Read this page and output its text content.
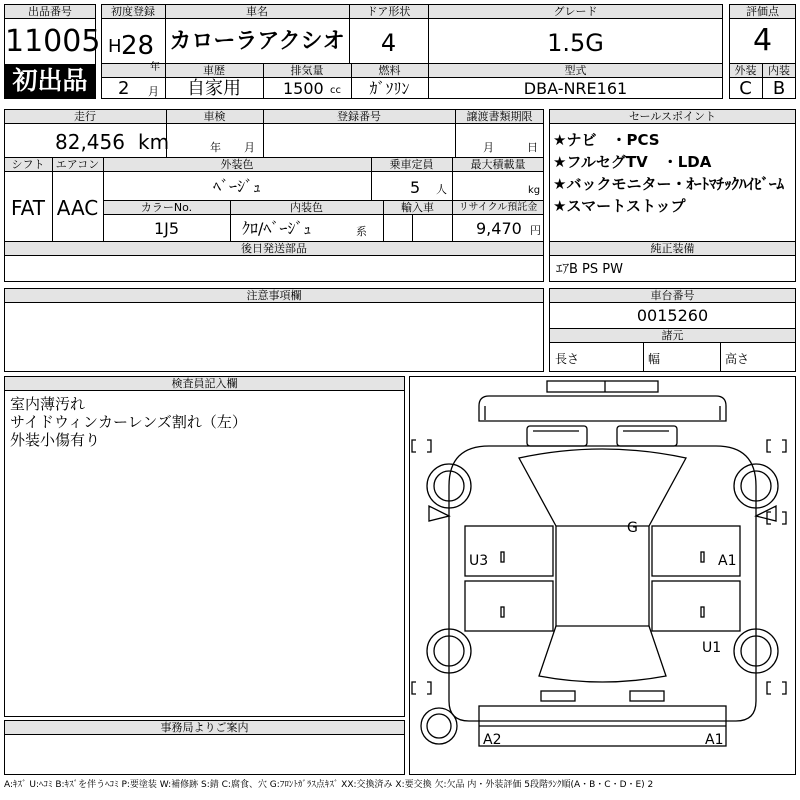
出品番号
11005
初出品
初度登録
H 28
年
2 月
車名
カローラアクシオ
ドア形状
4
グレード
1.5G
車歴
自家用
排気量
1500 cc
燃料
ｶﾞｿﾘﾝ
型式
DBA-NRE161
評価点
4
外装	内装
C	B
走行
82,456 km
車検
年 月
登録番号	譲渡書類期限
月	日
シフト
FAT
エアコン
AAC
外装色
ﾍﾞｰｼﾞｭ
乗車定員
5 人
最大積載量
kg
カラーNo.
1J5
内装色
ｸﾛ/ﾍﾞｰｼﾞｭ	系
輸入車	リサイクル預託金
9,470 円
後日発送部品
セールスポイント
★ナビ　・PCS
★フルセグTV　・LDA
★バックモニター・ｵｰﾄﾏﾁｯｸﾊｲﾋﾞｰﾑ
★スマートストップ
純正装備
ｴｱB PS PW
注意事項欄	車台番号
0015260
諸元
長さ	幅	高さ
検査員記入欄
室内薄汚れ
サイドウィンカーレンズ割れ（左）
外装小傷有り
事務局よりご案内
G
U3	A1
U1
A2	A1
A:ｷｽﾞ U:ﾍｺﾐ B:ｷｽﾞを伴うﾍｺﾐ P:要塗装 W:補修跡 S:錆 C:腐食、穴 G:ﾌﾛﾝﾄｶﾞﾗｽ点ｷｽﾞ XX:交換済み X:要交換 欠:欠品 内・外装評価 5段階ﾗﾝｸ順(A・B・C・D・E) 2
